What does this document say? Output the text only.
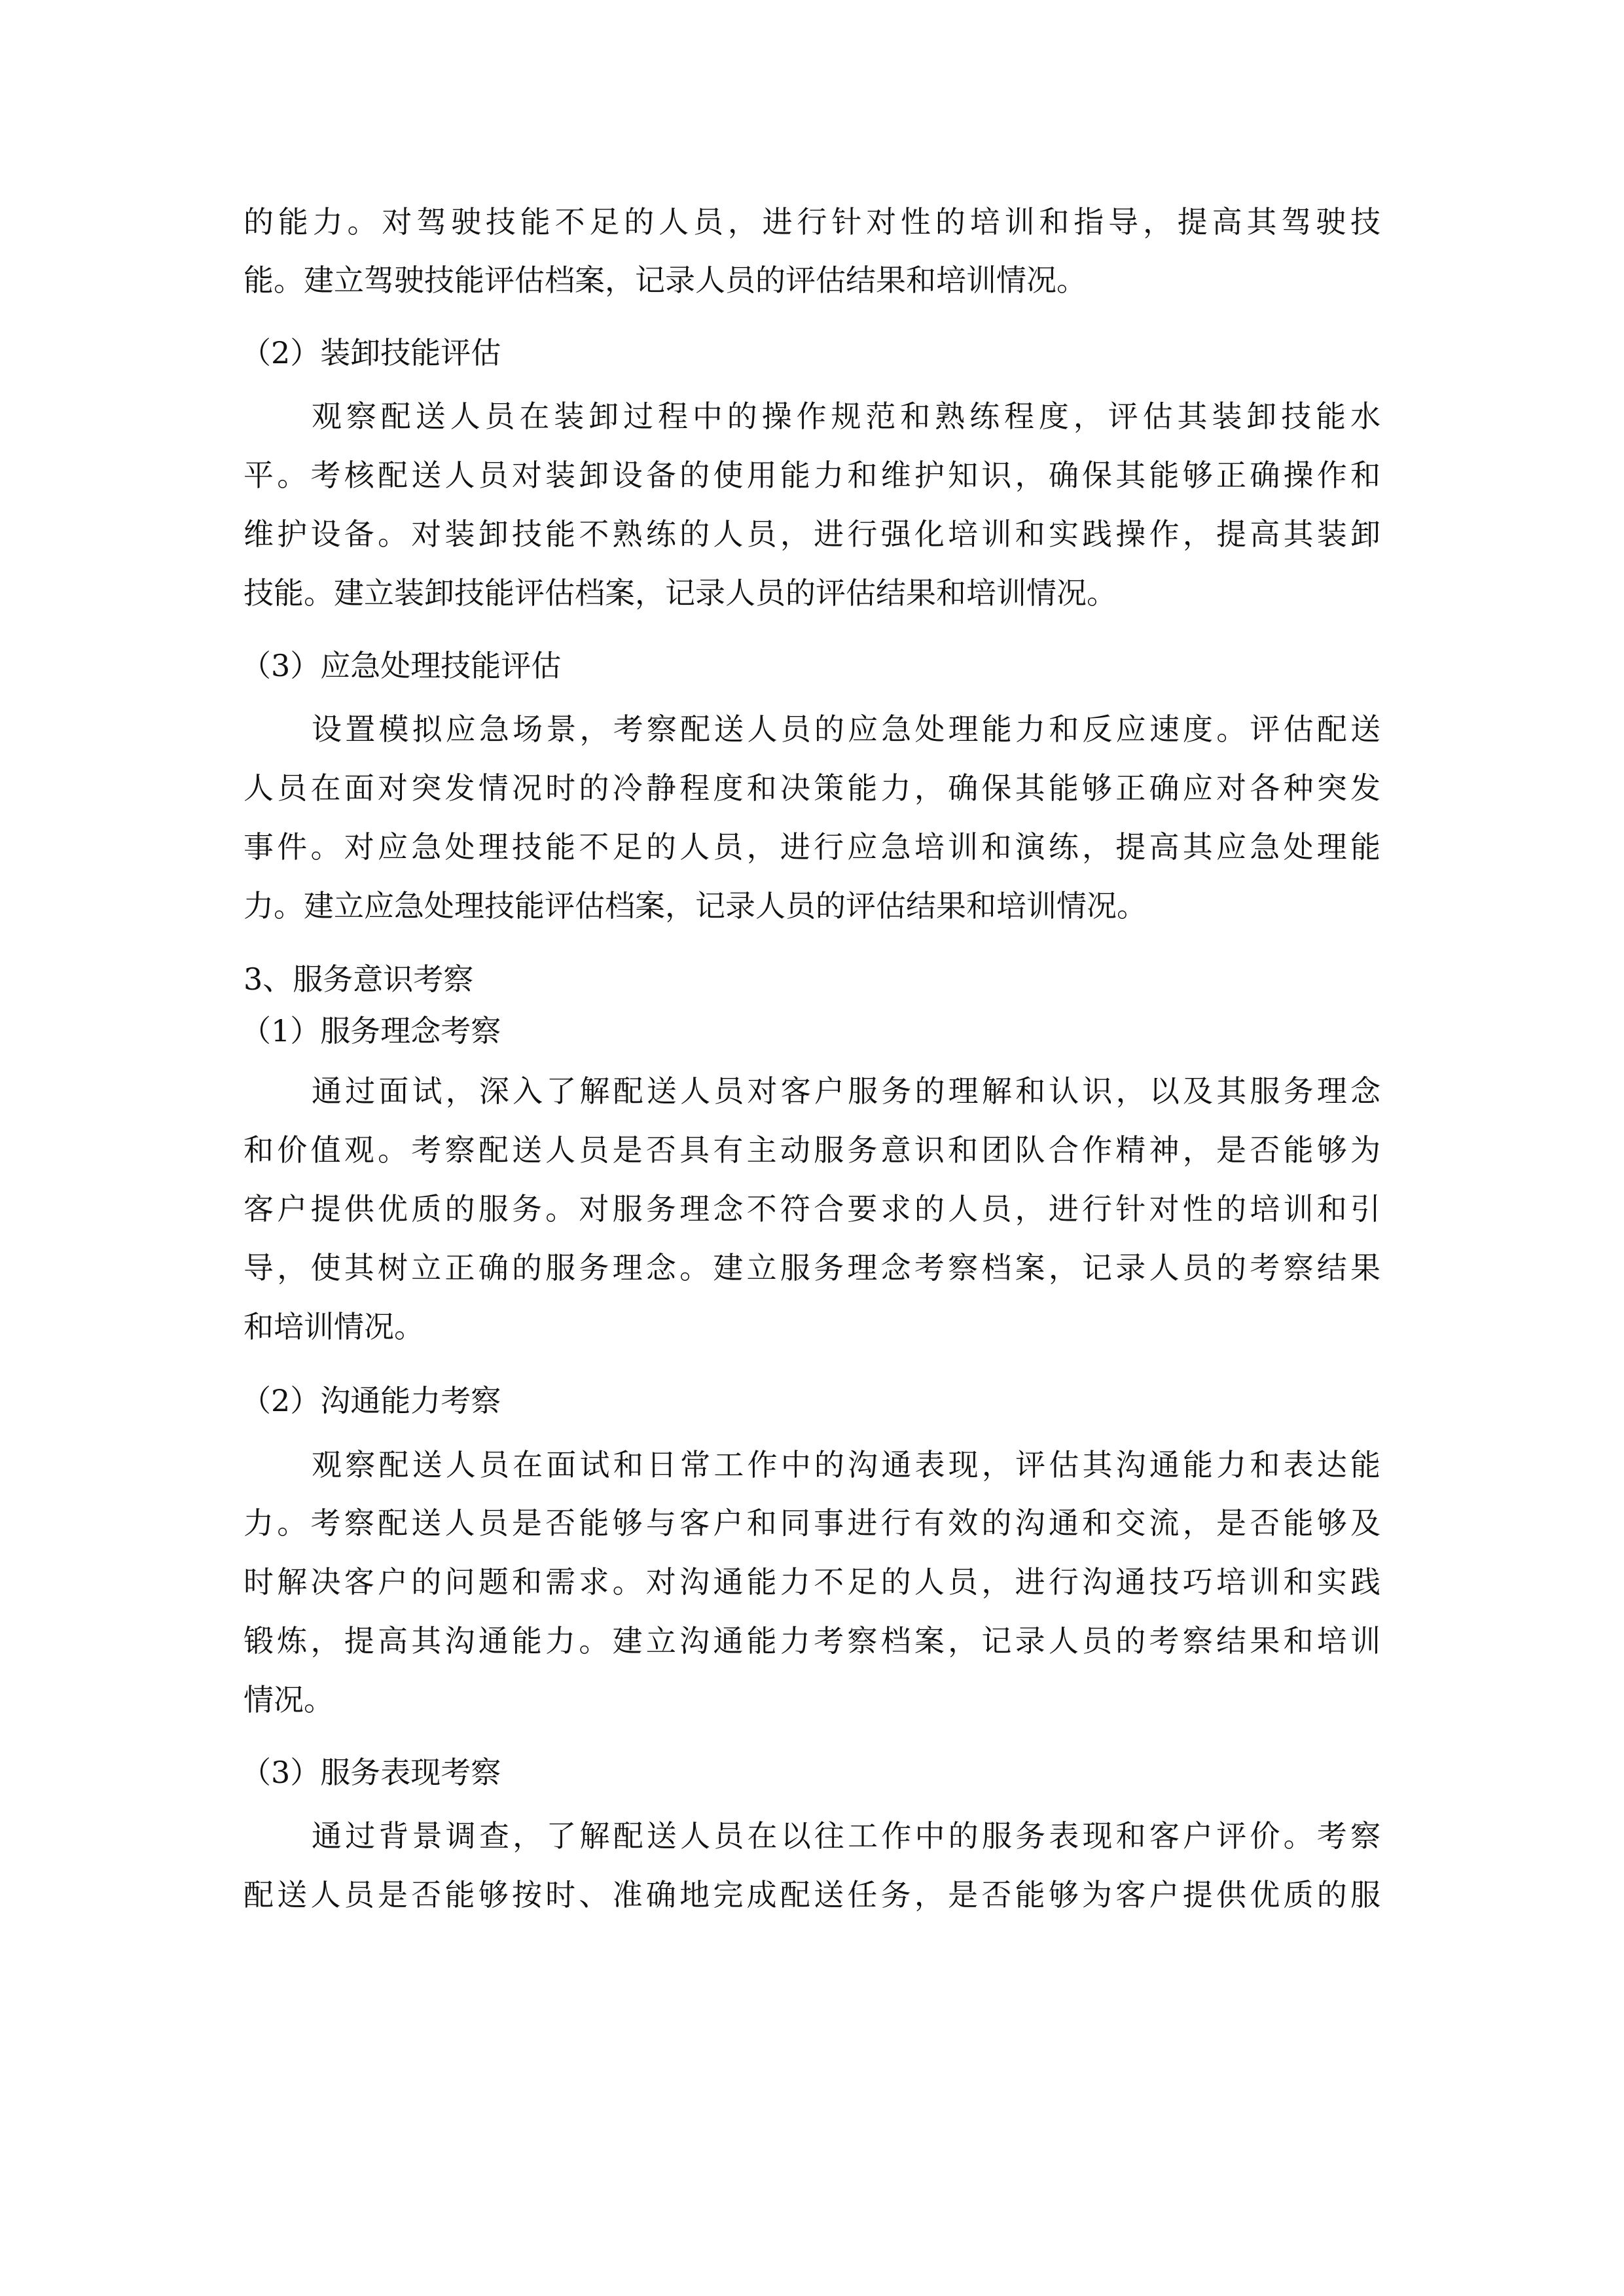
的能力。对驾驶技能不足的人员，进行针对性的培训和指导，提高其驾驶技
能。建立驾驶技能评估档案，记录人员的评估结果和培训情况。
（2）装卸技能评估
观察配送人员在装卸过程中的操作规范和熟练程度，评估其装卸技能水
平。考核配送人员对装卸设备的使用能力和维护知识，确保其能够正确操作和
维护设备。对装卸技能不熟练的人员，进行强化培训和实践操作，提高其装卸
技能。建立装卸技能评估档案，记录人员的评估结果和培训情况。
（3）应急处理技能评估
设置模拟应急场景，考察配送人员的应急处理能力和反应速度。评估配送
人员在面对突发情况时的冷静程度和决策能力，确保其能够正确应对各种突发
事件。对应急处理技能不足的人员，进行应急培训和演练，提高其应急处理能
力。建立应急处理技能评估档案，记录人员的评估结果和培训情况。
3、服务意识考察
（1）服务理念考察
通过面试，深入了解配送人员对客户服务的理解和认识，以及其服务理念
和价值观。考察配送人员是否具有主动服务意识和团队合作精神，是否能够为
客户提供优质的服务。对服务理念不符合要求的人员，进行针对性的培训和引
导，使其树立正确的服务理念。建立服务理念考察档案，记录人员的考察结果
和培训情况。
（2）沟通能力考察
观察配送人员在面试和日常工作中的沟通表现，评估其沟通能力和表达能
力。考察配送人员是否能够与客户和同事进行有效的沟通和交流，是否能够及
时解决客户的问题和需求。对沟通能力不足的人员，进行沟通技巧培训和实践
锻炼，提高其沟通能力。建立沟通能力考察档案，记录人员的考察结果和培训
情况。
（3）服务表现考察
通过背景调查，了解配送人员在以往工作中的服务表现和客户评价。考察
配送人员是否能够按时、准确地完成配送任务，是否能够为客户提供优质的服
